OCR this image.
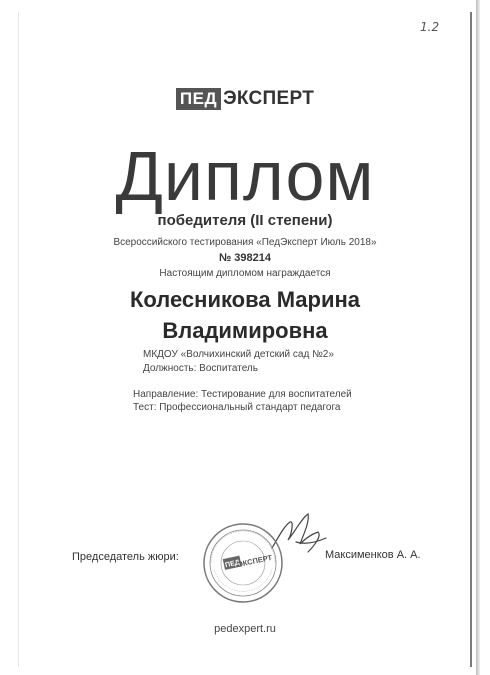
1.2
ПЕД ЭКСПЕРТ
Диплом
победителя (II степени)
Всероссийского тестирования «ПедЭксперт Июль 2018»
№ 398214
Настоящим дипломом награждается
Колесникова Марина
Владимировна
МКДОУ «Волчихинский детский сад №2»
Должность: Воспитатель
Направление: Тестирование для воспитателей
Тест: Профессиональный стандарт педагога
Председатель жюри:
ПЕД
ЭКСПЕРТ	Максименков А. А.
pedexpert.ru
